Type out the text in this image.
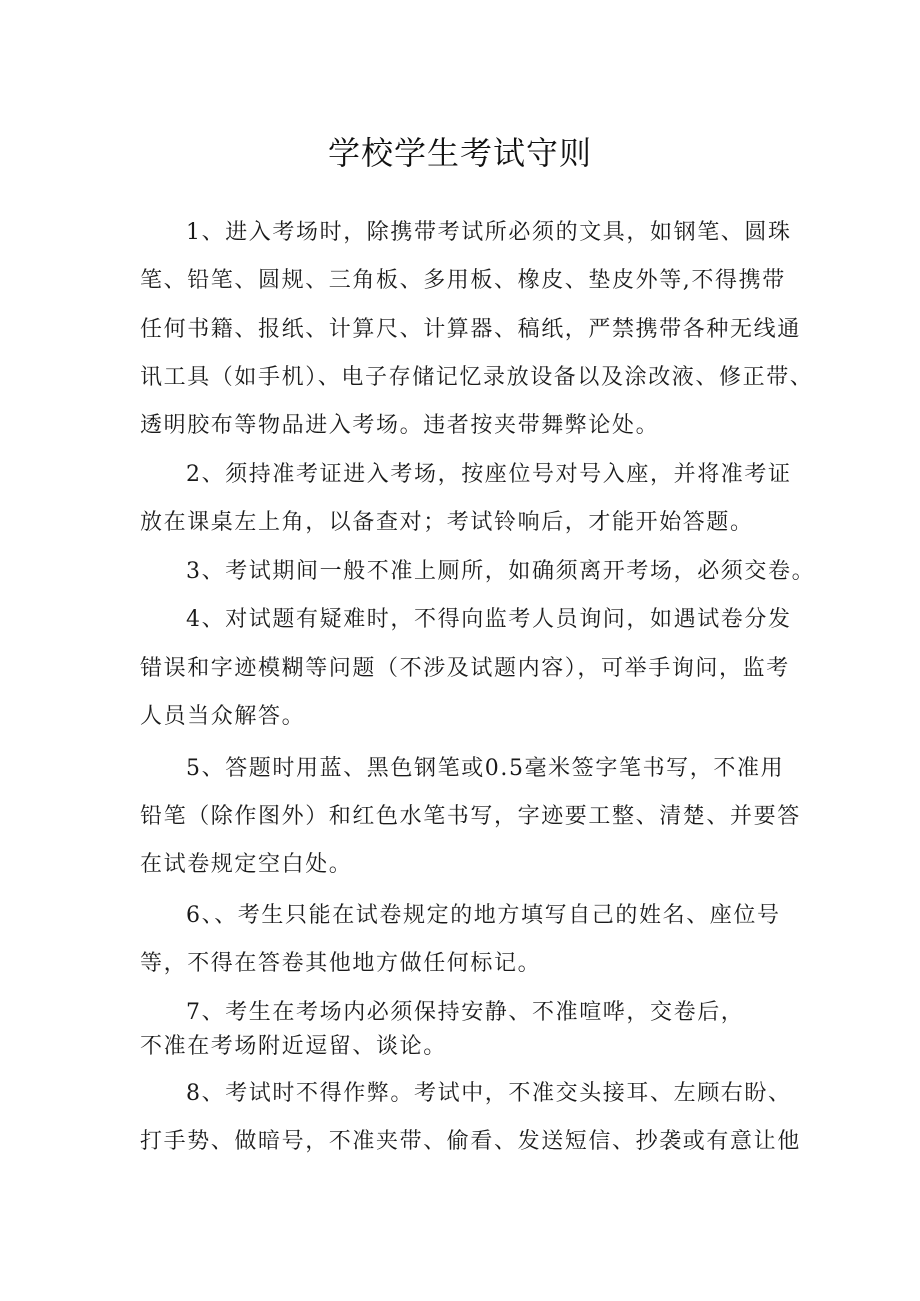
学校学生考试守则
1、进入考场时，除携带考试所必须的文具，如钢笔、圆珠
笔、铅笔、圆规、三角板、多用板、橡皮、垫皮外等,不得携带
任何书籍、报纸、计算尺、计算器、稿纸，严禁携带各种无线通
讯工具（如手机）、电子存储记忆录放设备以及涂改液、修正带、
透明胶布等物品进入考场。违者按夹带舞弊论处。
2、须持准考证进入考场，按座位号对号入座，并将准考证
放在课桌左上角，以备查对；考试铃响后，才能开始答题。
3、考试期间一般不准上厕所，如确须离开考场，必须交卷。
4、对试题有疑难时，不得向监考人员询问，如遇试卷分发
错误和字迹模糊等问题（不涉及试题内容），可举手询问，监考
人员当众解答。
5、答题时用蓝、黑色钢笔或0.5毫米签字笔书写，不准用
铅笔（除作图外）和红色水笔书写，字迹要工整、清楚、并要答
在试卷规定空白处。
6、、考生只能在试卷规定的地方填写自己的姓名、座位号
等，不得在答卷其他地方做任何标记。
7、考生在考场内必须保持安静、不准喧哗，交卷后，
不准在考场附近逗留、谈论。
8、考试时不得作弊。考试中，不准交头接耳、左顾右盼、
打手势、做暗号，不准夹带、偷看、发送短信、抄袭或有意让他
